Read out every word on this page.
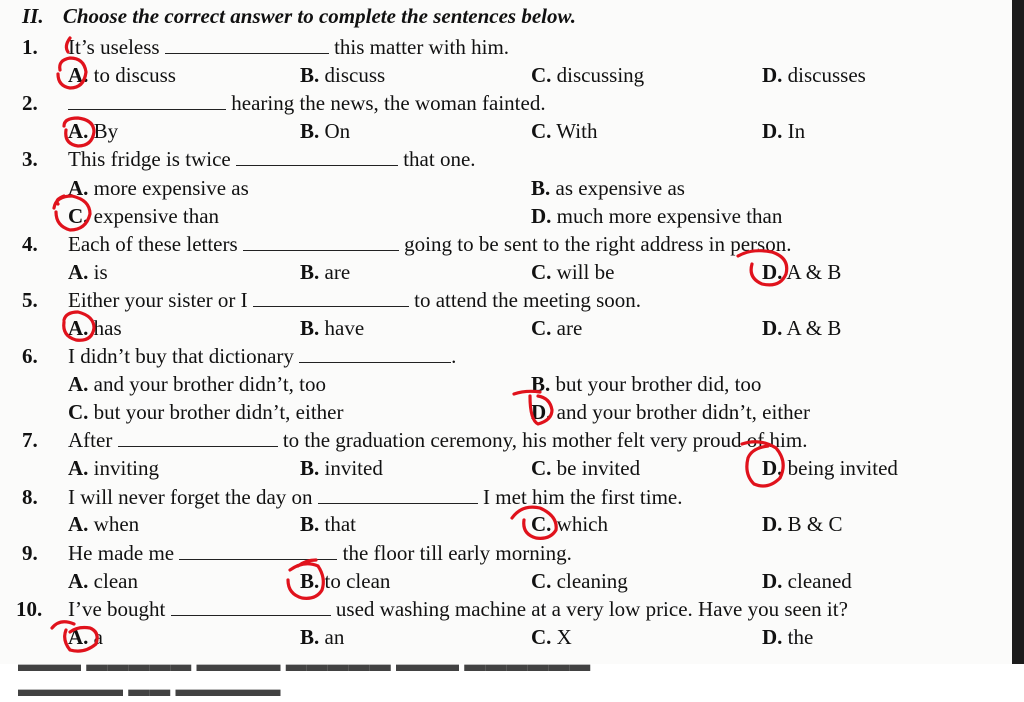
II. Choose the correct answer to complete the sentences below.
1. It’s useless	this matter with him.
A. to discuss	B. discuss	C. discussing	D. discusses
2.	hearing the news, the woman fainted.
A. By	B. On	C. With	D. In
3. This fridge is twice	that one.
A. more expensive as	B. as expensive as
C. expensive than	D. much more expensive than
4. Each of these letters	going to be sent to the right address in person.
A. is	B. are	C. will be	D. A & B
5. Either your sister or I	to attend the meeting soon.
A. has	B. have	C. are	D. A & B
6. I didn’t buy that dictionary	.
A. and your brother didn’t, too	B. but your brother did, too
C. but your brother didn’t, either	D. and your brother didn’t, either
7. After	to the graduation ceremony, his mother felt very proud of him.
A. inviting	B. invited	C. be invited	D. being invited
8. I will never forget the day on	I met him the first time.
A. when	B. that	C. which	D. B & C
9. He made me	the floor till early morning.
A. clean	B. to clean	C. cleaning	D. cleaned
10. I’ve bought	used washing machine at a very low price. Have you seen it?
A. a	B. an	C. X	D. the
▬▬▬ ▬▬▬▬▬ ▬▬▬▬ ▬▬▬▬▬ ▬▬▬ ▬▬▬▬▬▬ ▬▬▬▬▬ ▬▬ ▬▬▬▬▬
